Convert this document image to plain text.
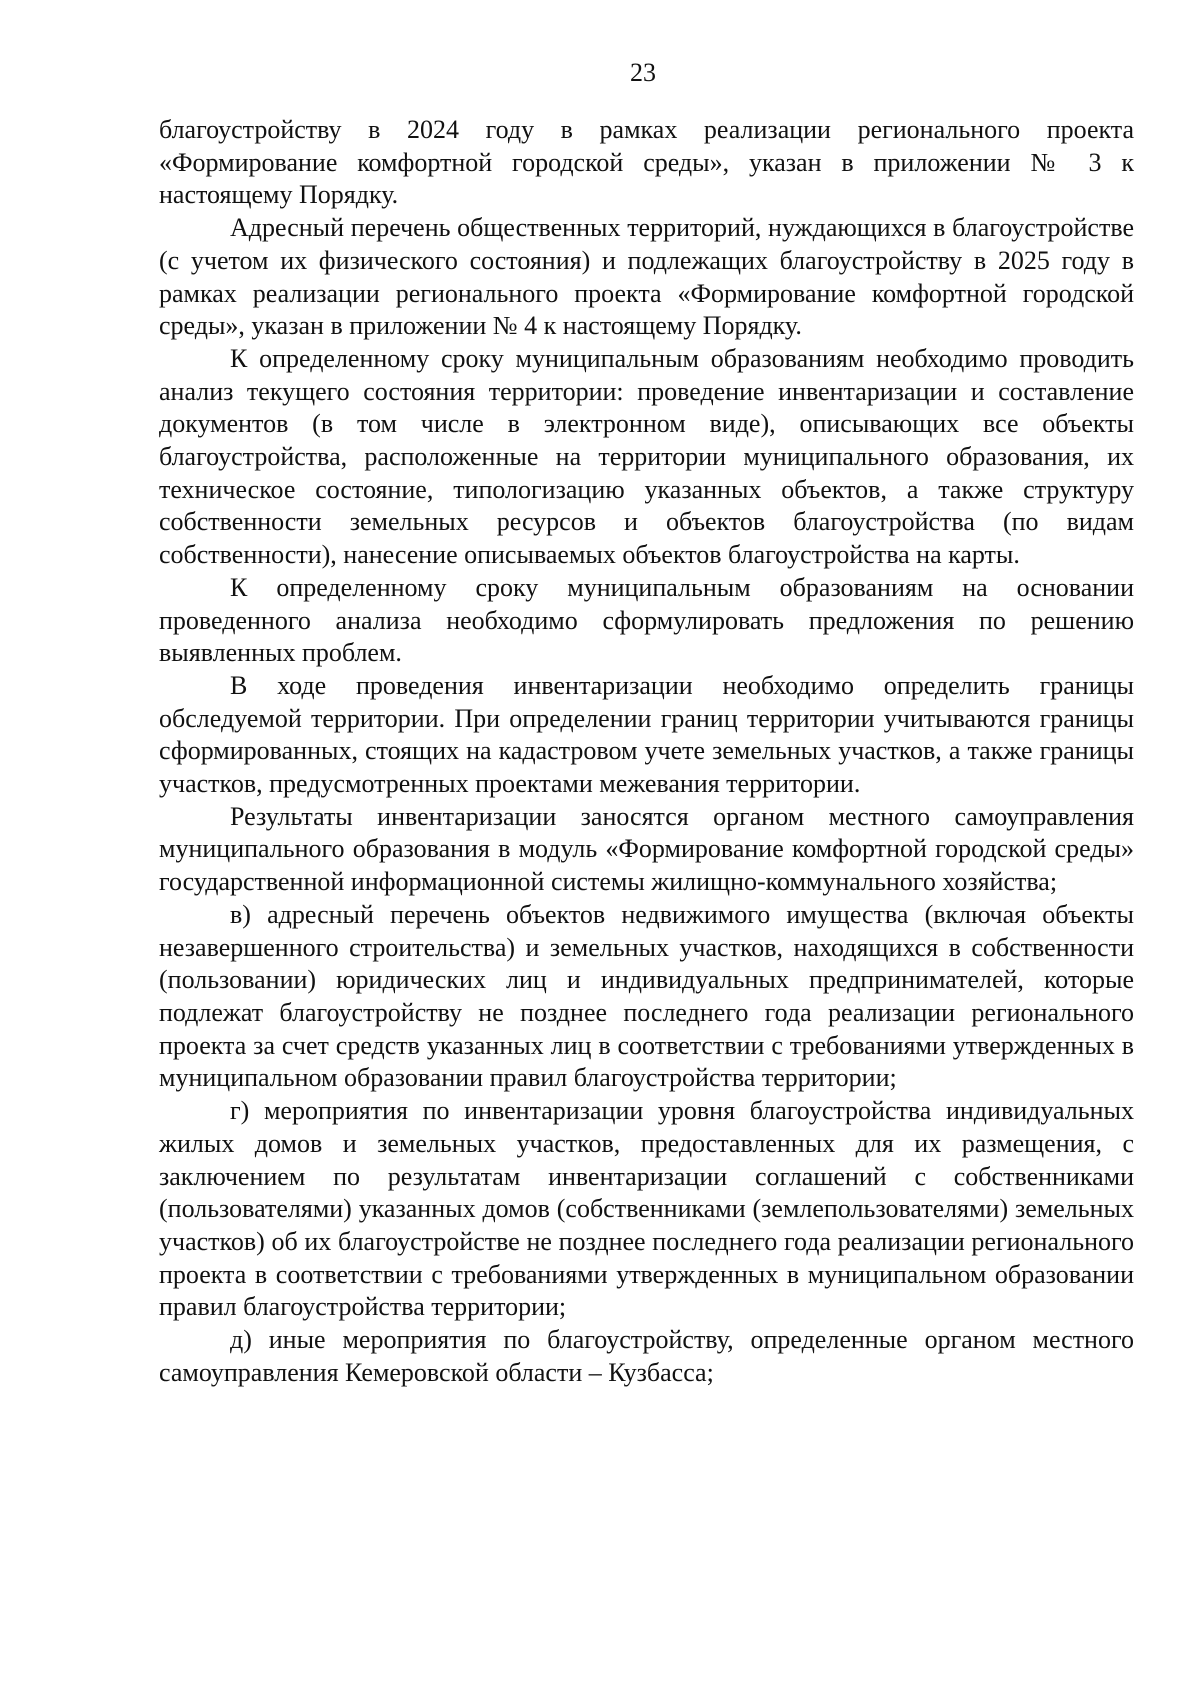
23

благоустройству в 2024 году в рамках реализации регионального проекта «Формирование комфортной городской среды», указан в приложении № 3 к настоящему Порядку.

Адресный перечень общественных территорий, нуждающихся в благоустройстве (с учетом их физического состояния) и подлежащих благоустройству в 2025 году в рамках реализации регионального проекта «Формирование комфортной городской среды», указан в приложении № 4 к настоящему Порядку.

К определенному сроку муниципальным образованиям необходимо проводить анализ текущего состояния территории: проведение инвентаризации и составление документов (в том числе в электронном виде), описывающих все объекты благоустройства, расположенные на территории муниципального образования, их техническое состояние, типологизацию указанных объектов, а также структуру собственности земельных ресурсов и объектов благоустройства (по видам собственности), нанесение описываемых объектов благоустройства на карты.

К определенному сроку муниципальным образованиям на основании проведенного анализа необходимо сформулировать предложения по решению выявленных проблем.

В ходе проведения инвентаризации необходимо определить границы обследуемой территории. При определении границ территории учитываются границы сформированных, стоящих на кадастровом учете земельных участков, а также границы участков, предусмотренных проектами межевания территории.

Результаты инвентаризации заносятся органом местного самоуправления муниципального образования в модуль «Формирование комфортной городской среды» государственной информационной системы жилищно-коммунального хозяйства;

в) адресный перечень объектов недвижимого имущества (включая объекты незавершенного строительства) и земельных участков, находящихся в собственности (пользовании) юридических лиц и индивидуальных предпринимателей, которые подлежат благоустройству не позднее последнего года реализации регионального проекта за счет средств указанных лиц в соответствии с требованиями утвержденных в муниципальном образовании правил благоустройства территории;

г) мероприятия по инвентаризации уровня благоустройства индивидуальных жилых домов и земельных участков, предоставленных для их размещения, с заключением по результатам инвентаризации соглашений с собственниками (пользователями) указанных домов (собственниками (землепользователями) земельных участков) об их благоустройстве не позднее последнего года реализации регионального проекта в соответствии с требованиями утвержденных в муниципальном образовании правил благоустройства территории;

д) иные мероприятия по благоустройству, определенные органом местного самоуправления Кемеровской области – Кузбасса;
